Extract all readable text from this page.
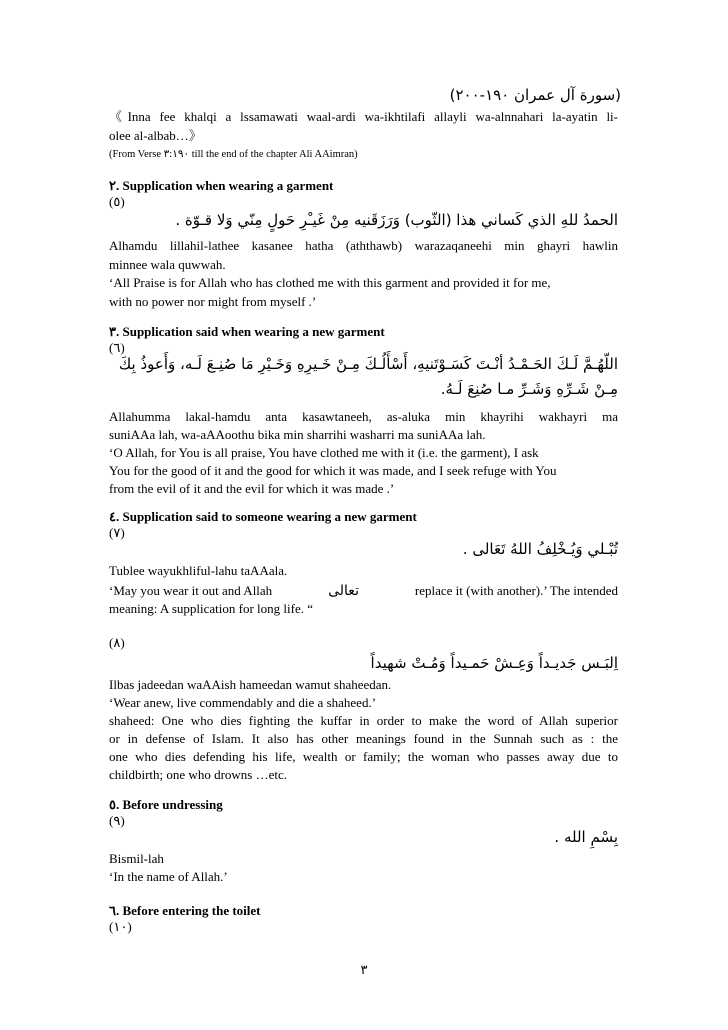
(سورة آل عمران ١٩٠-٢٠٠)
《Inna fee khalqi a lssamawati waal-ardi wa-ikhtilafi allayli wa-alnnahari la-ayatin li-
olee al-albab…》
(From Verse ٣:١٩٠ till the end of the chapter Ali AAimran)
٢. Supplication when wearing a garment
(٥)
الحمدُ للهِ الذي كَساني هذا (الثّوب) وَرَزَقَنيه مِنْ غَيـْرِ حَولٍ مِنّي وَلا قـوّة .
Alhamdu lillahil-lathee kasanee hatha (aththawb) warazaqaneehi min ghayri hawlin
minnee wala quwwah.
‘All Praise is for Allah who has clothed me with this garment and provided it for me,
with no power nor might from myself .’
٣. Supplication said when wearing a new garment
(٦)
اللّهُـمَّ لَـكَ الحَـمْـدُ أنْـتَ كَسَـوْتَنيهِ، أَسْأَلُـكَ مِـنْ خَـيرِهِ وَخَـيْرِ مَا صُنِـعَ لَـه، وَأَعوذُ بِكَ
مِـنْ شَـرِّهِ وَشَـرِّ مـا صُنِعَ لَـهُ.
Allahumma lakal-hamdu anta kasawtaneeh, as-aluka min khayrihi wakhayri ma
suniAAa lah, wa-aAAoothu bika min sharrihi washarri ma suniAAa lah.
‘O Allah, for You is all praise, You have clothed me with it (i.e. the garment), I ask
You for the good of it and the good for which it was made, and I seek refuge with You
from the evil of it and the evil for which it was made .’
٤. Supplication said to someone wearing a new garment
(٧)
تُبْـلي وَيُـخْلِفُ اللهُ تَعَالى .
Tublee wayukhliful-lahu taAAala.
‘May you wear it out and Allah	تعالى	replace it (with another).’ The intended
meaning: A supplication for long life. “
(٨)
اِلبَـس جَديـداً وَعِـشْ حَمـيداً وَمُـتْ شهيداً
Ilbas jadeedan waAAish hameedan wamut shaheedan.
‘Wear anew, live commendably and die a shaheed.’
shaheed: One who dies fighting the kuffar in order to make the word of Allah superior
or in defense of Islam. It also has other meanings found in the Sunnah such as : the
one who dies defending his life, wealth or family; the woman who passes away due to
childbirth; one who drowns …etc.
٥. Before undressing
(٩)
بِسْمِ الله .
Bismil-lah
‘In the name of Allah.’
٦. Before entering the toilet
(١٠)
٣
